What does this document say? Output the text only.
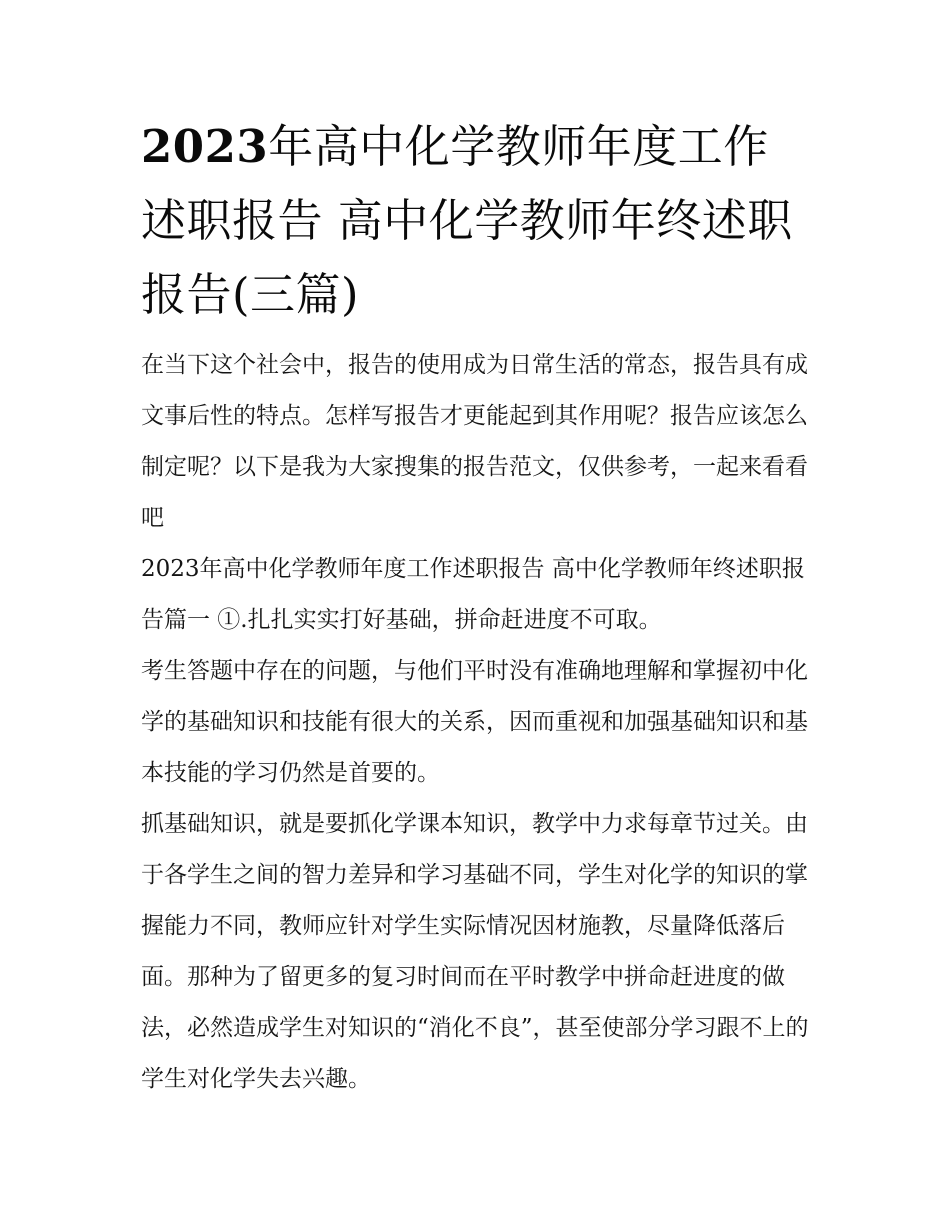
2023年高中化学教师年度工作述职报告 高中化学教师年终述职报告(三篇)

在当下这个社会中，报告的使用成为日常生活的常态，报告具有成文事后性的特点。怎样写报告才更能起到其作用呢？报告应该怎么制定呢？以下是我为大家搜集的报告范文，仅供参考，一起来看看吧

2023年高中化学教师年度工作述职报告 高中化学教师年终述职报告篇一 ①.扎扎实实打好基础，拼命赶进度不可取。

考生答题中存在的问题，与他们平时没有准确地理解和掌握初中化学的基础知识和技能有很大的关系，因而重视和加强基础知识和基本技能的学习仍然是首要的。

抓基础知识，就是要抓化学课本知识，教学中力求每章节过关。由于各学生之间的智力差异和学习基础不同，学生对化学的知识的掌握能力不同，教师应针对学生实际情况因材施教，尽量降低落后面。那种为了留更多的复习时间而在平时教学中拼命赶进度的做法，必然造成学生对知识的“消化不良”，甚至使部分学习跟不上的学生对化学失去兴趣。
